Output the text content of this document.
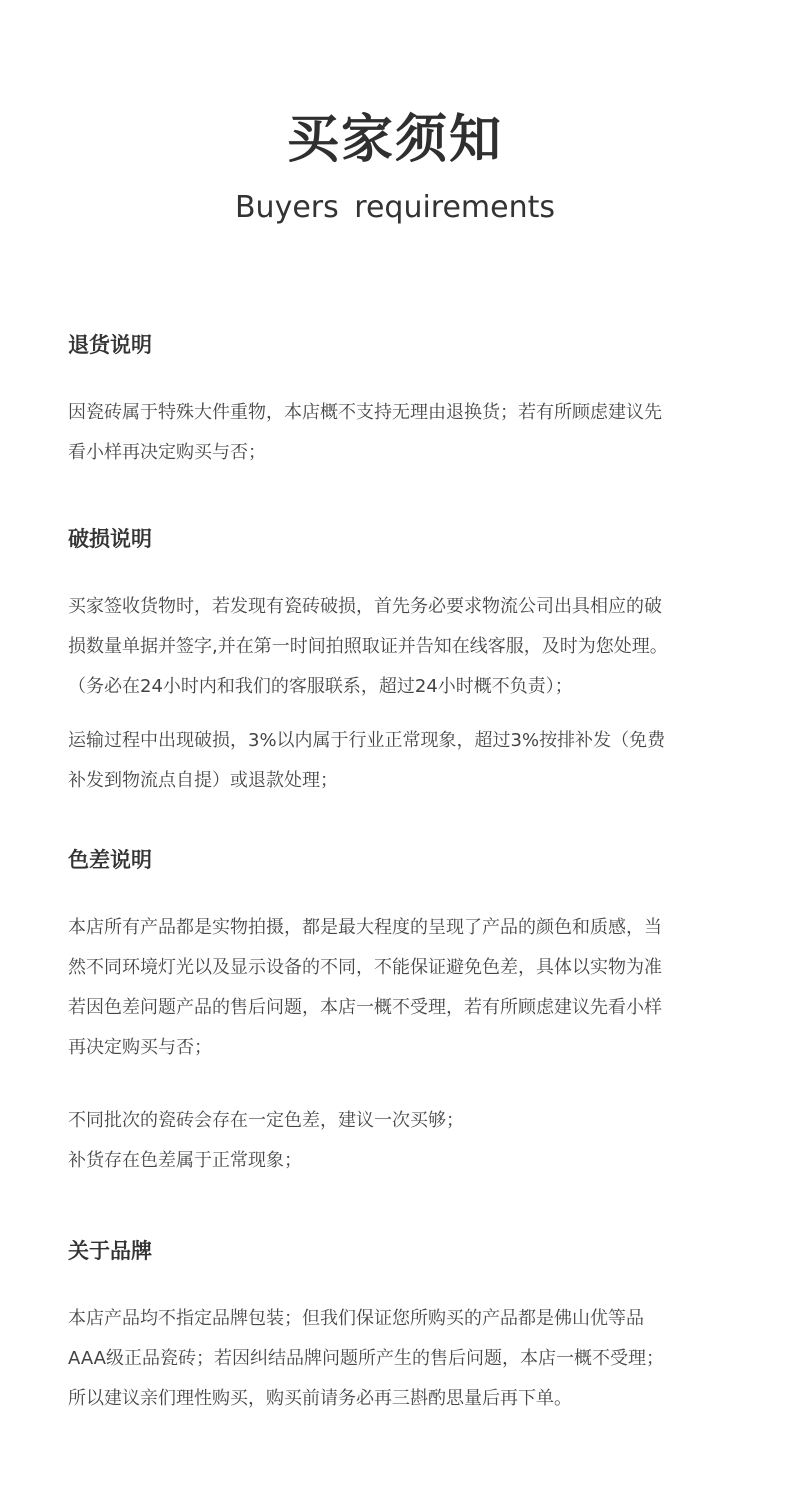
买家须知
Buyers requirements
退货说明

因瓷砖属于特殊大件重物，本店概不支持无理由退换货；若有所顾虑建议先
看小样再决定购买与否；

破损说明

买家签收货物时，若发现有瓷砖破损，首先务必要求物流公司出具相应的破
损数量单据并签字,并在第一时间拍照取证并告知在线客服，及时为您处理。
（务必在24小时内和我们的客服联系，超过24小时概不负责）；

运输过程中出现破损，3%以内属于行业正常现象，超过3%按排补发（免费
补发到物流点自提）或退款处理；

色差说明

本店所有产品都是实物拍摄，都是最大程度的呈现了产品的颜色和质感，当
然不同环境灯光以及显示设备的不同，不能保证避免色差，具体以实物为准
若因色差问题产品的售后问题，本店一概不受理，若有所顾虑建议先看小样
再决定购买与否；

不同批次的瓷砖会存在一定色差，建议一次买够；
补货存在色差属于正常现象；

关于品牌

本店产品均不指定品牌包装；但我们保证您所购买的产品都是佛山优等品
AAA级正品瓷砖；若因纠结品牌问题所产生的售后问题，本店一概不受理；
所以建议亲们理性购买，购买前请务必再三斟酌思量后再下单。
